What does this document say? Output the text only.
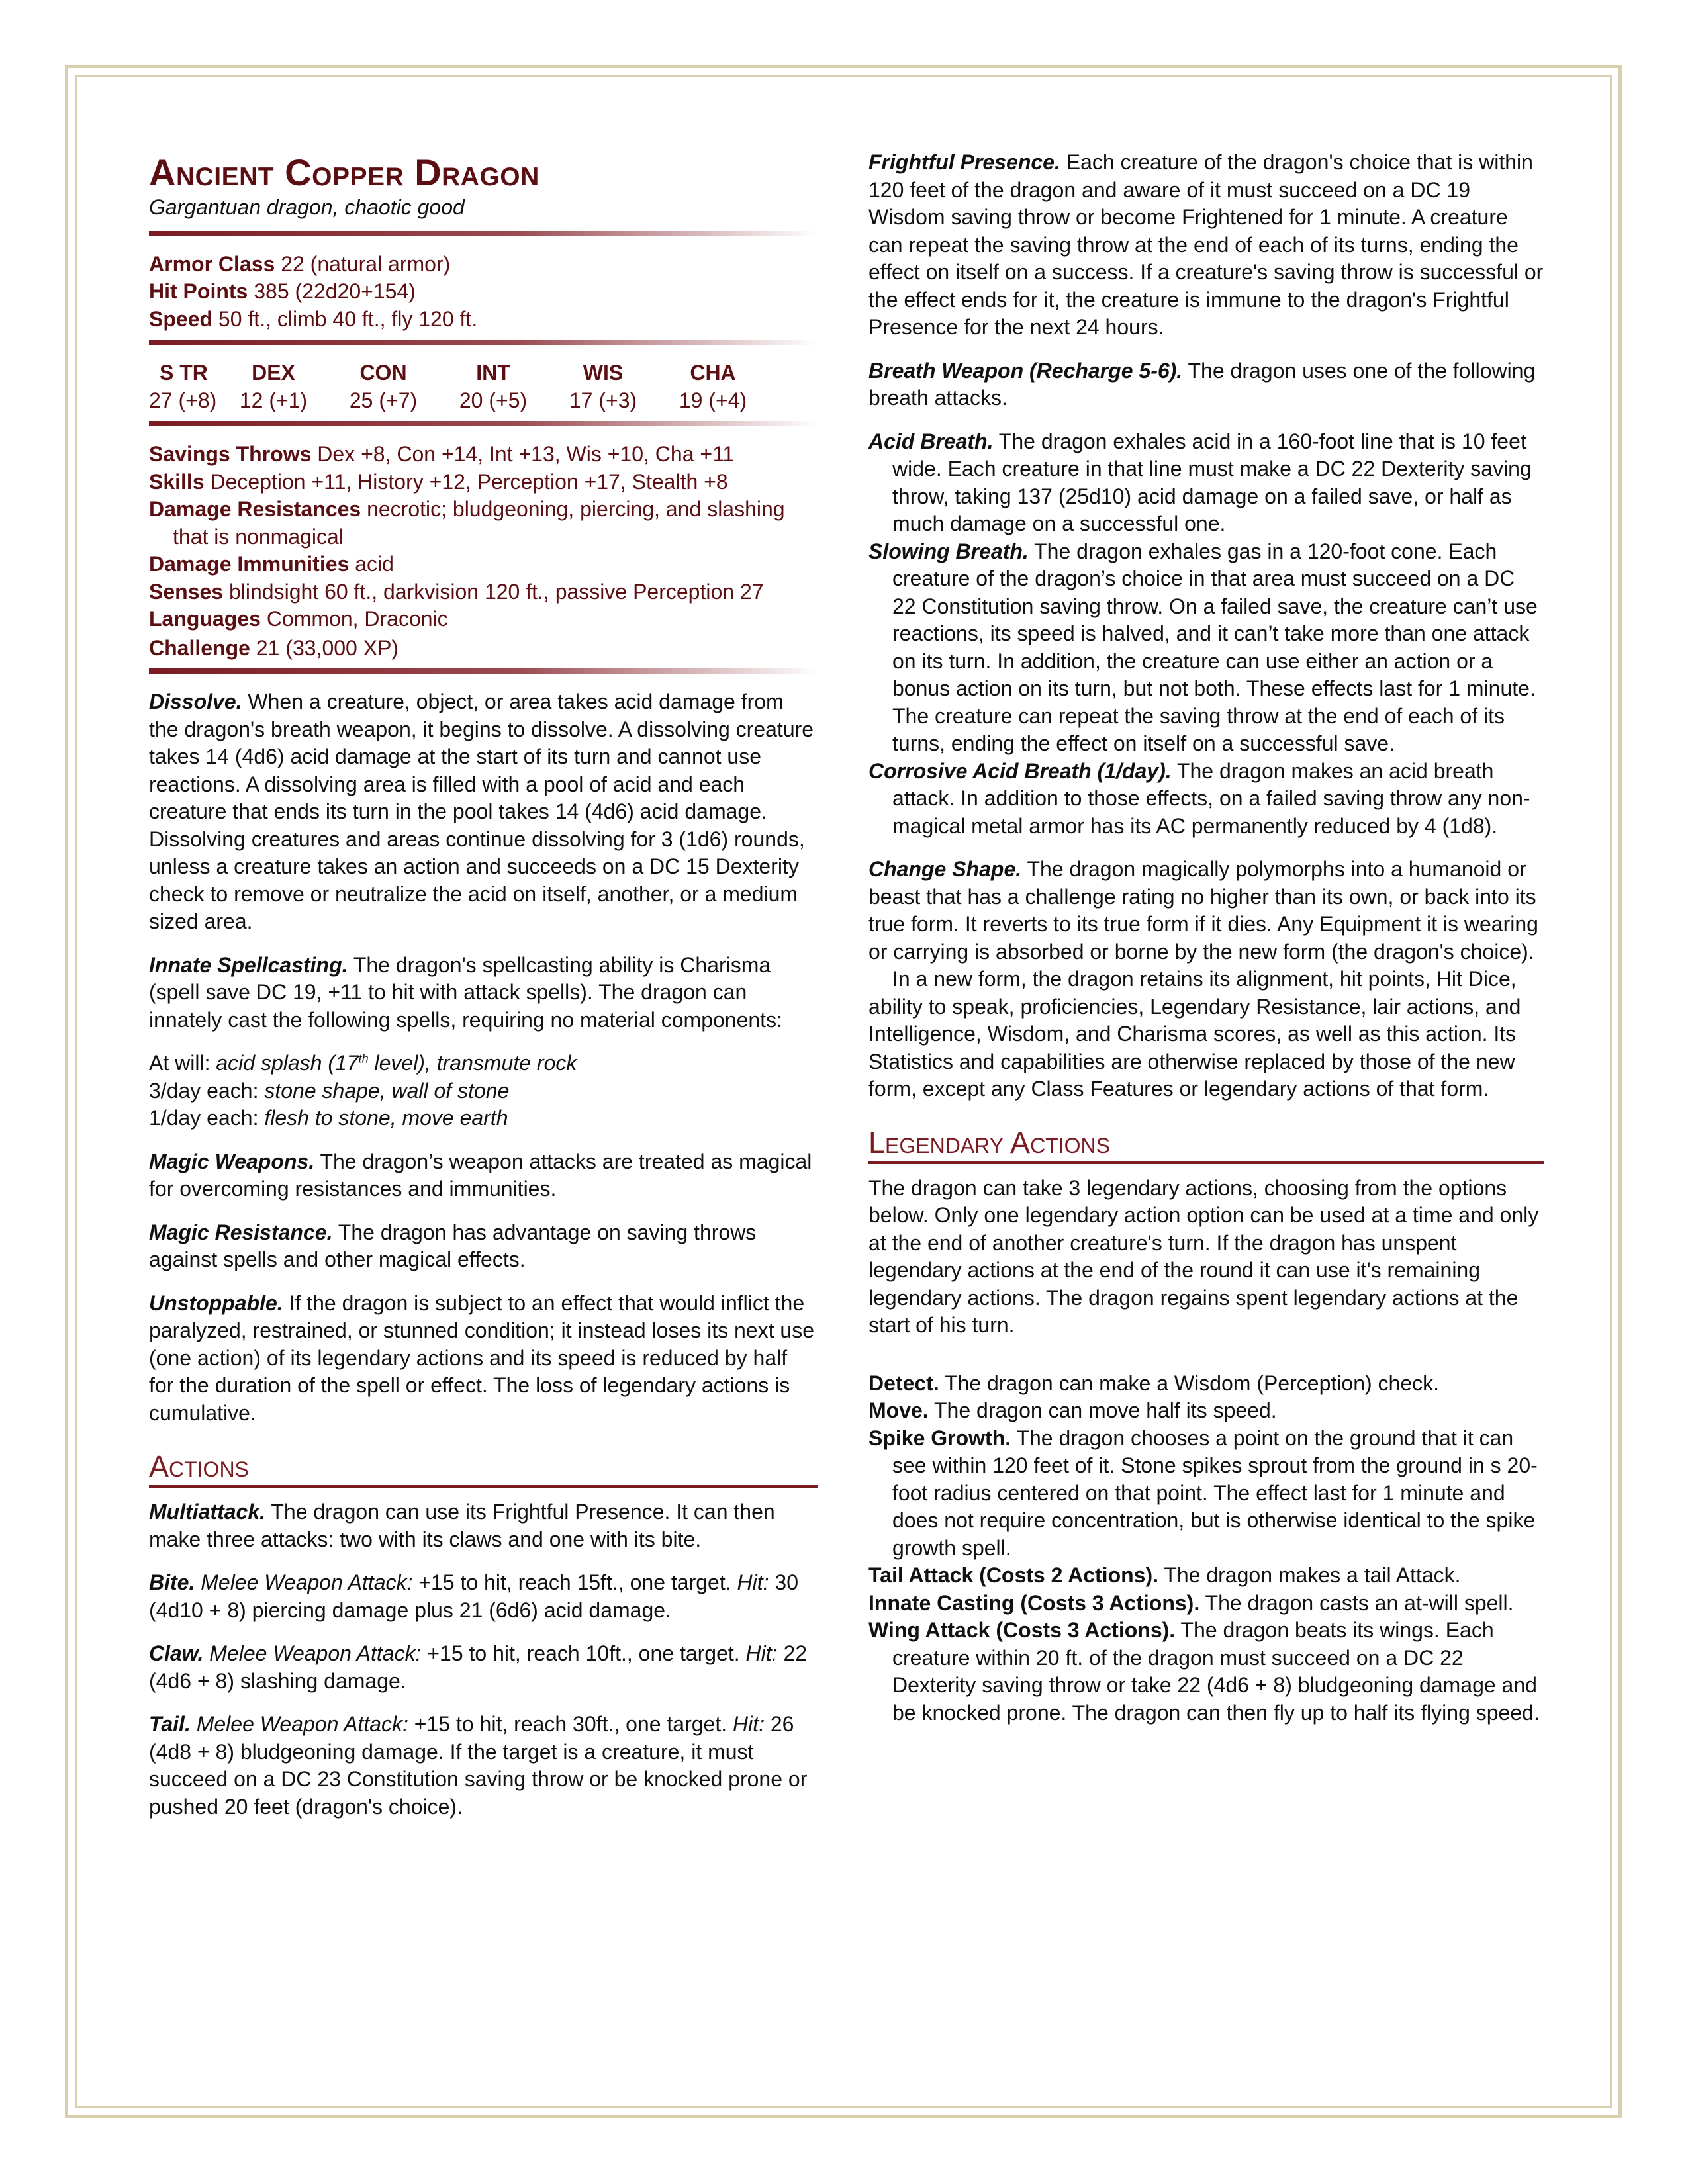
Ancient Copper Dragon
Gargantuan dragon, chaotic good
Armor Class 22 (natural armor)
Hit Points 385 (22d20+154)
Speed 50 ft., climb 40 ft., fly 120 ft.
S TR	DEX	CON	INT	WIS	CHA
27 (+8)	12 (+1)	25 (+7)	20 (+5)	17 (+3)	19 (+4)
Savings Throws Dex +8, Con +14, Int +13, Wis +10, Cha +11
Skills Deception +11, History +12, Perception +17, Stealth +8
Damage Resistances necrotic; bludgeoning, piercing, and slashing that is nonmagical
Damage Immunities acid
Senses blindsight 60 ft., darkvision 120 ft., passive Perception 27
Languages Common, Draconic
Challenge 21 (33,000 XP)

Dissolve. When a creature, object, or area takes acid damage from the dragon's breath weapon, it begins to dissolve. A dissolving creature takes 14 (4d6) acid damage at the start of its turn and cannot use reactions. A dissolving area is filled with a pool of acid and each creature that ends its turn in the pool takes 14 (4d6) acid damage. Dissolving creatures and areas continue dissolving for 3 (1d6) rounds, unless a creature takes an action and succeeds on a DC 15 Dexterity check to remove or neutralize the acid on itself, another, or a medium sized area.

Innate Spellcasting. The dragon's spellcasting ability is Charisma (spell save DC 19, +11 to hit with attack spells). The dragon can innately cast the following spells, requiring no material components:

At will: acid splash (17th level), transmute rock

3/day each: stone shape, wall of stone

1/day each: flesh to stone, move earth

Magic Weapons. The dragon’s weapon attacks are treated as magical for overcoming resistances and immunities.

Magic Resistance. The dragon has advantage on saving throws against spells and other magical effects.

Unstoppable. If the dragon is subject to an effect that would inflict the paralyzed, restrained, or stunned condition; it instead loses its next use (one action) of its legendary actions and its speed is reduced by half for the duration of the spell or effect. The loss of legendary actions is cumulative.

Actions

Multiattack. The dragon can use its Frightful Presence. It can then make three attacks: two with its claws and one with its bite.

Bite. Melee Weapon Attack: +15 to hit, reach 15ft., one target. Hit: 30 (4d10 + 8) piercing damage plus 21 (6d6) acid damage.

Claw. Melee Weapon Attack: +15 to hit, reach 10ft., one target. Hit: 22 (4d6 + 8) slashing damage.

Tail. Melee Weapon Attack: +15 to hit, reach 30ft., one target. Hit: 26 (4d8 + 8) bludgeoning damage. If the target is a creature, it must succeed on a DC 23 Constitution saving throw or be knocked prone or pushed 20 feet (dragon's choice).

Frightful Presence. Each creature of the dragon's choice that is within 120 feet of the dragon and aware of it must succeed on a DC 19 Wisdom saving throw or become Frightened for 1 minute. A creature can repeat the saving throw at the end of each of its turns, ending the effect on itself on a success. If a creature's saving throw is successful or the effect ends for it, the creature is immune to the dragon's Frightful Presence for the next 24 hours.

Breath Weapon (Recharge 5-6). The dragon uses one of the following breath attacks.

Acid Breath. The dragon exhales acid in a 160-foot line that is 10 feet wide. Each creature in that line must make a DC 22 Dexterity saving throw, taking 137 (25d10) acid damage on a failed save, or half as much damage on a successful one.

Slowing Breath. The dragon exhales gas in a 120-foot cone. Each creature of the dragon’s choice in that area must succeed on a DC 22 Constitution saving throw. On a failed save, the creature can’t use reactions, its speed is halved, and it can’t take more than one attack on its turn. In addition, the creature can use either an action or a bonus action on its turn, but not both. These effects last for 1 minute. The creature can repeat the saving throw at the end of each of its turns, ending the effect on itself on a successful save.

Corrosive Acid Breath (1/day). The dragon makes an acid breath attack. In addition to those effects, on a failed saving throw any non-magical metal armor has its AC permanently reduced by 4 (1d8).

Change Shape. The dragon magically polymorphs into a humanoid or beast that has a challenge rating no higher than its own, or back into its true form. It reverts to its true form if it dies. Any Equipment it is wearing or carrying is absorbed or borne by the new form (the dragon's choice).

In a new form, the dragon retains its alignment, hit points, Hit Dice, ability to speak, proficiencies, Legendary Resistance, lair actions, and Intelligence, Wisdom, and Charisma scores, as well as this action. Its Statistics and capabilities are otherwise replaced by those of the new form, except any Class Features or legendary actions of that form.

Legendary Actions

The dragon can take 3 legendary actions, choosing from the options below. Only one legendary action option can be used at a time and only at the end of another creature's turn. If the dragon has unspent legendary actions at the end of the round it can use it's remaining legendary actions. The dragon regains spent legendary actions at the start of his turn.

Detect. The dragon can make a Wisdom (Perception) check.

Move. The dragon can move half its speed.

Spike Growth. The dragon chooses a point on the ground that it can see within 120 feet of it. Stone spikes sprout from the ground in s 20-foot radius centered on that point. The effect last for 1 minute and does not require concentration, but is otherwise identical to the spike growth spell.

Tail Attack (Costs 2 Actions). The dragon makes a tail Attack.

Innate Casting (Costs 3 Actions). The dragon casts an at-will spell.

Wing Attack (Costs 3 Actions). The dragon beats its wings. Each creature within 20 ft. of the dragon must succeed on a DC 22 Dexterity saving throw or take 22 (4d6 + 8) bludgeoning damage and be knocked prone. The dragon can then fly up to half its flying speed.
